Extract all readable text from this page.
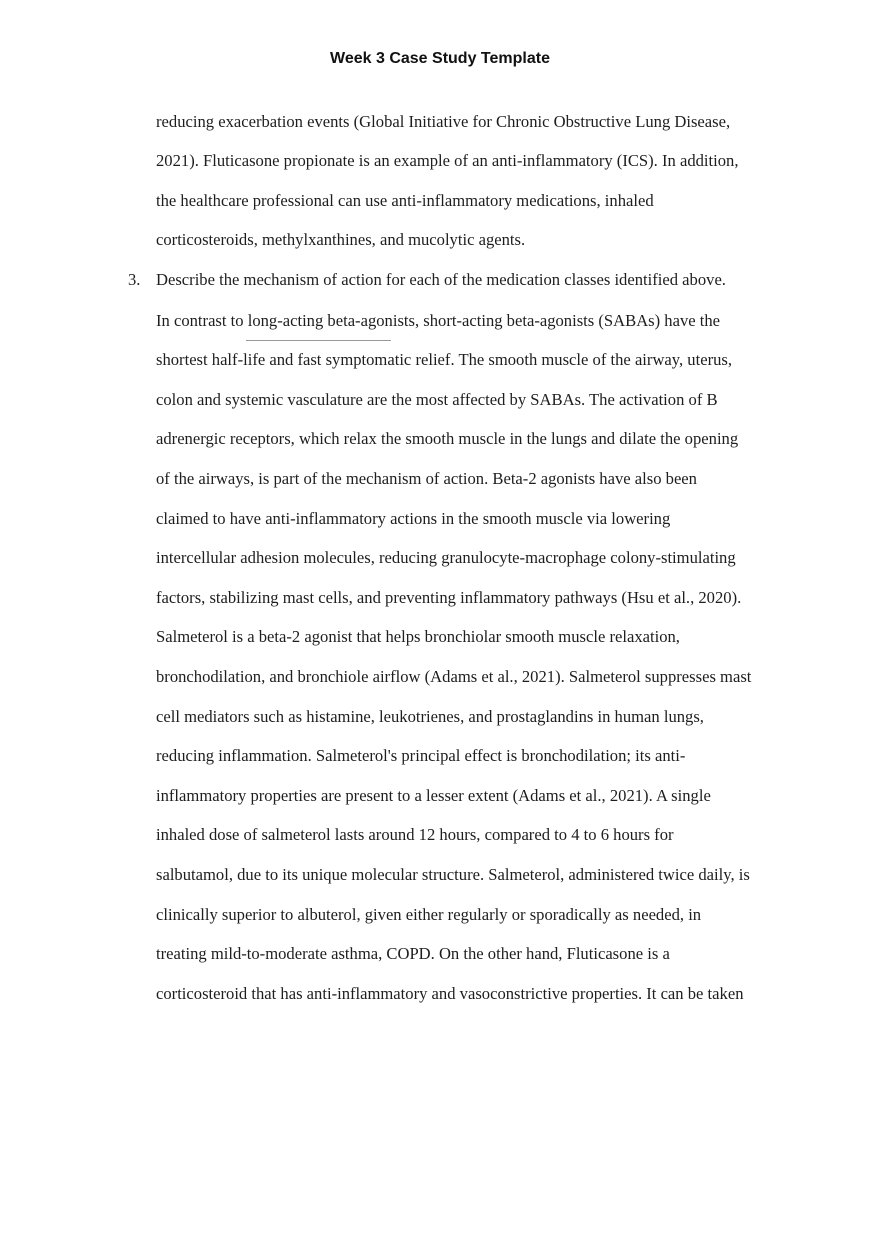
Week 3 Case Study Template
reducing exacerbation events (Global Initiative for Chronic Obstructive Lung Disease,
2021). Fluticasone propionate is an example of an anti-inflammatory (ICS). In addition,
the healthcare professional can use anti-inflammatory medications, inhaled
corticosteroids, methylxanthines, and mucolytic agents.
3. Describe the mechanism of action for each of the medication classes identified above.
In contrast to long-acting beta-agonists, short-acting beta-agonists (SABAs) have the
shortest half-life and fast symptomatic relief. The smooth muscle of the airway, uterus,
colon and systemic vasculature are the most affected by SABAs. The activation of B
adrenergic receptors, which relax the smooth muscle in the lungs and dilate the opening
of the airways, is part of the mechanism of action. Beta-2 agonists have also been
claimed to have anti-inflammatory actions in the smooth muscle via lowering
intercellular adhesion molecules, reducing granulocyte-macrophage colony-stimulating
factors, stabilizing mast cells, and preventing inflammatory pathways (Hsu et al., 2020).
Salmeterol is a beta-2 agonist that helps bronchiolar smooth muscle relaxation,
bronchodilation, and bronchiole airflow (Adams et al., 2021). Salmeterol suppresses mast
cell mediators such as histamine, leukotrienes, and prostaglandins in human lungs,
reducing inflammation. Salmeterol's principal effect is bronchodilation; its anti-
inflammatory properties are present to a lesser extent (Adams et al., 2021). A single
inhaled dose of salmeterol lasts around 12 hours, compared to 4 to 6 hours for
salbutamol, due to its unique molecular structure. Salmeterol, administered twice daily, is
clinically superior to albuterol, given either regularly or sporadically as needed, in
treating mild-to-moderate asthma, COPD. On the other hand, Fluticasone is a
corticosteroid that has anti-inflammatory and vasoconstrictive properties. It can be taken
